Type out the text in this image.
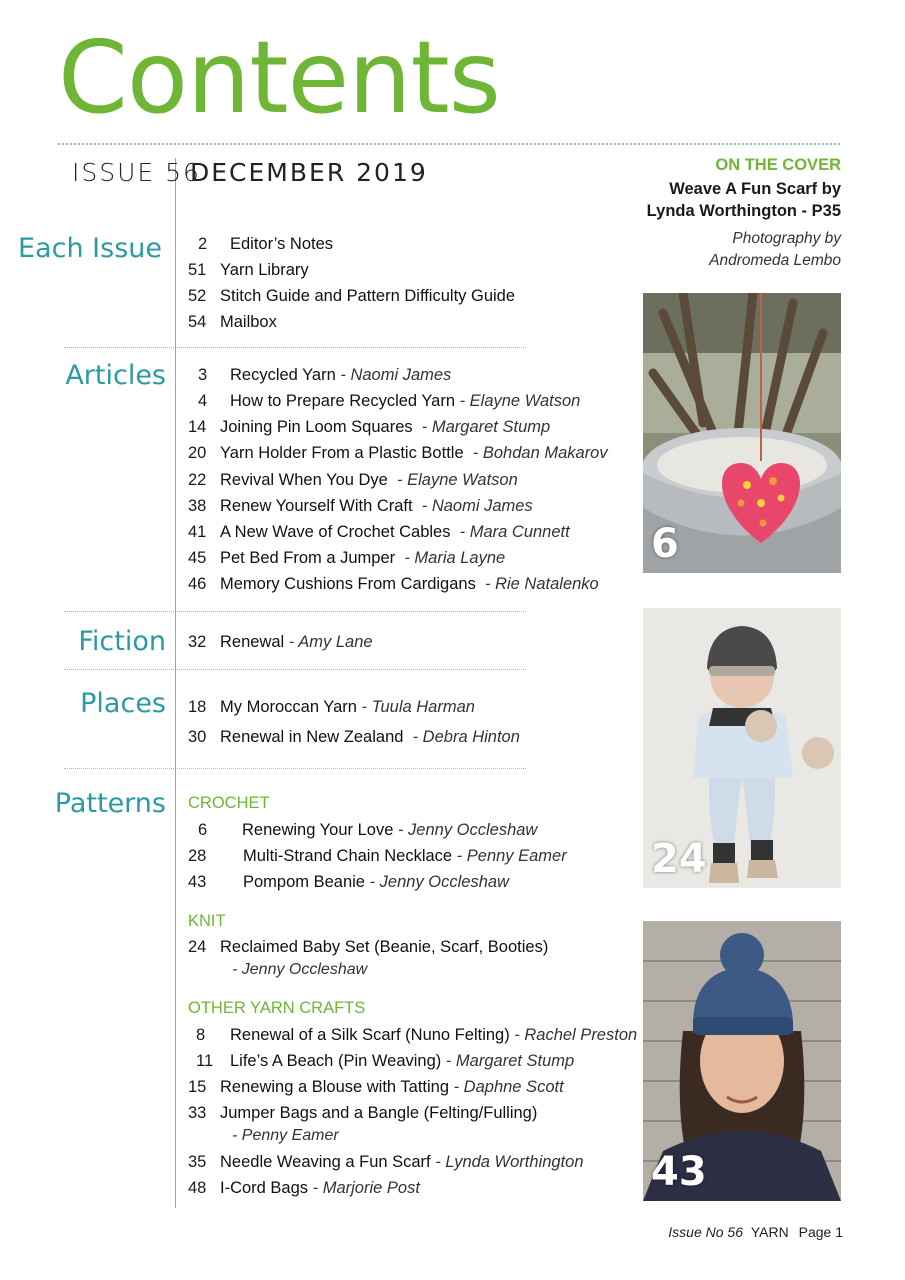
Contents
ISSUE 56
DECEMBER 2019	ON THE COVER
Weave A Fun Scarf by
Lynda Worthington - P35
Photography by
Andromeda Lembo
Each Issue	2 Editor’s Notes
51 Yarn Library
52 Stitch Guide and Pattern Difficulty Guide
54 Mailbox
Articles	3 Recycled Yarn - Naomi James
4 How to Prepare Recycled Yarn - Elayne Watson
14 Joining Pin Loom Squares  - Margaret Stump
20 Yarn Holder From a Plastic Bottle  - Bohdan Makarov
22 Revival When You Dye  - Elayne Watson
38 Renew Yourself With Craft  - Naomi James
41 A New Wave of Crochet Cables  - Mara Cunnett
45 Pet Bed From a Jumper  - Maria Layne
46 Memory Cushions From Cardigans  - Rie Natalenko
Fiction 32 Renewal - Amy Lane
Places 18 My Moroccan Yarn - Tuula Harman
30 Renewal in New Zealand  - Debra Hinton
Patterns CROCHET
6 Renewing Your Love - Jenny Occleshaw
28 Multi-Strand Chain Necklace - Penny Eamer
43 Pompom Beanie - Jenny Occleshaw
KNIT
24 Reclaimed Baby Set (Beanie, Scarf, Booties)
- Jenny Occleshaw
OTHER YARN CRAFTS
8 Renewal of a Silk Scarf (Nuno Felting) - Rachel Preston
11 Life’s A Beach (Pin Weaving) - Margaret Stump
15 Renewing a Blouse with Tatting - Daphne Scott
33 Jumper Bags and a Bangle (Felting/Fulling)
- Penny Eamer
35 Needle Weaving a Fun Scarf - Lynda Worthington
48 I-Cord Bags - Marjorie Post
6
24
43
Issue No 56 YARN Page 1
